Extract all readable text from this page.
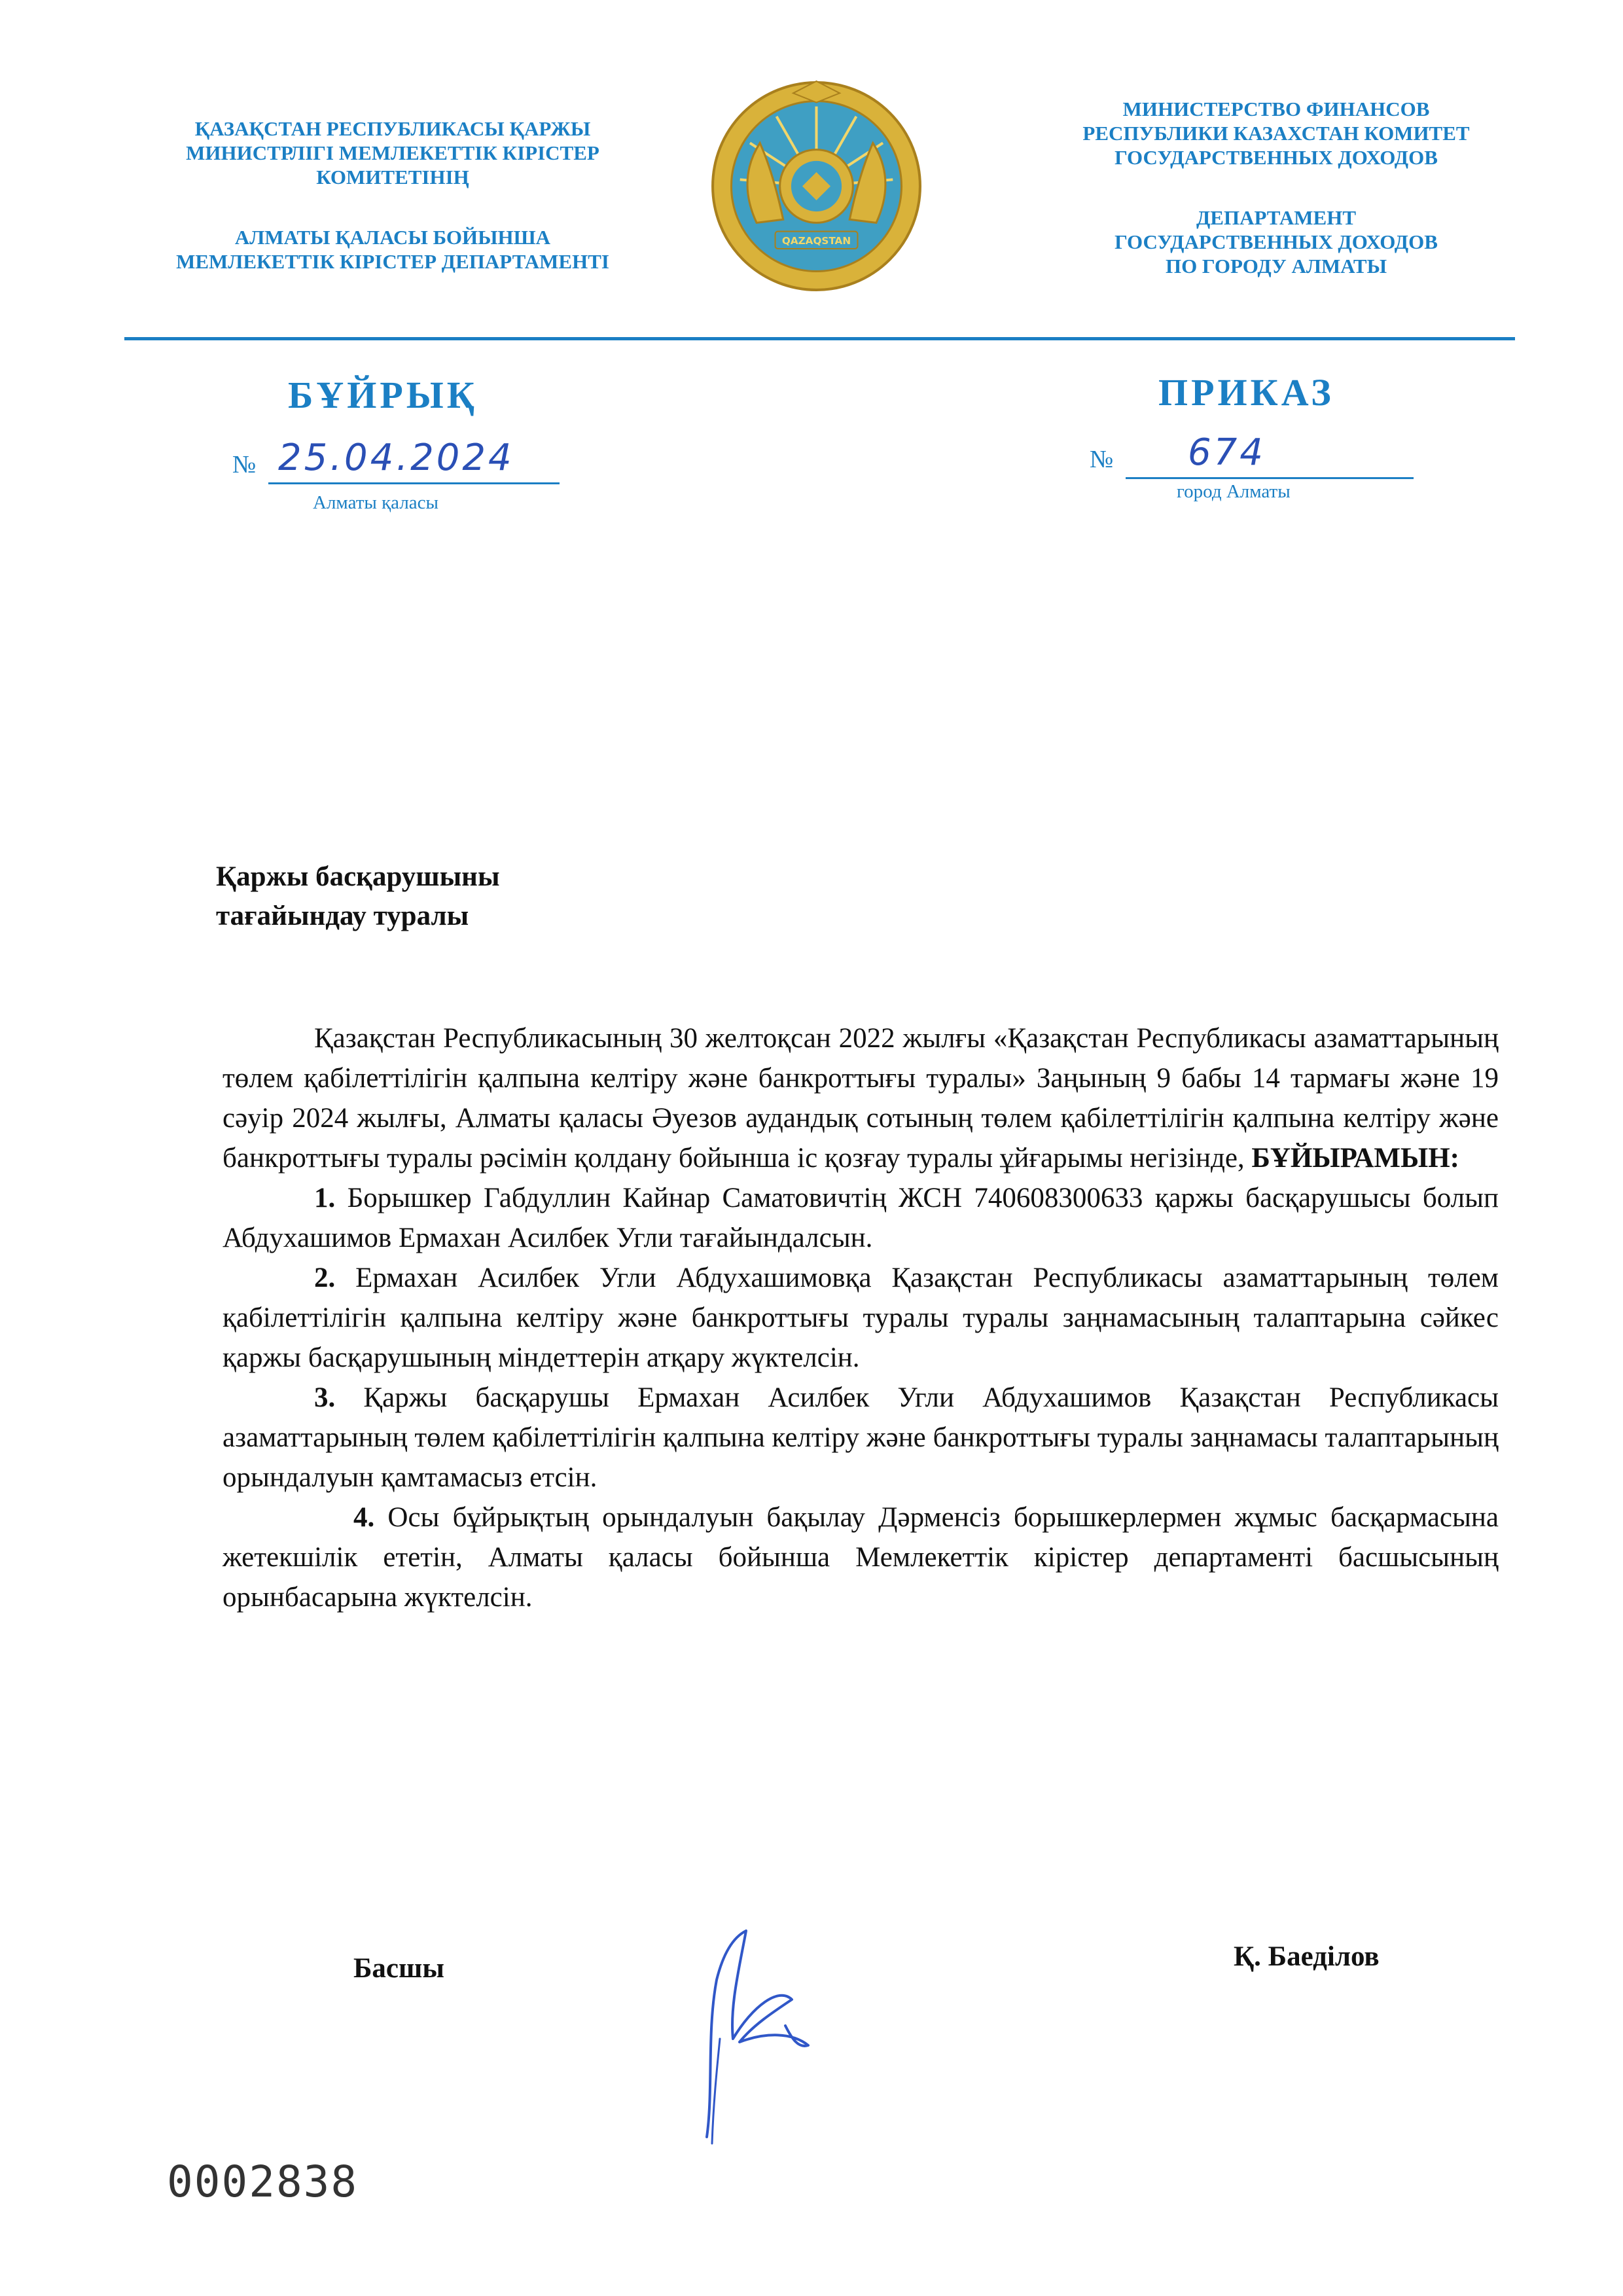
ҚАЗАҚСТАН РЕСПУБЛИКАСЫ ҚАРЖЫ
МИНИСТРЛІГІ МЕМЛЕКЕТТІК КІРІСТЕР
КОМИТЕТІНІҢ
АЛМАТЫ ҚАЛАСЫ БОЙЫНША
МЕМЛЕКЕТТІК КІРІСТЕР ДЕПАРТАМЕНТІ
QAZAQSTAN
МИНИСТЕРСТВО ФИНАНСОВ
РЕСПУБЛИКИ КАЗАХСТАН КОМИТЕТ
ГОСУДАРСТВЕННЫХ ДОХОДОВ
ДЕПАРТАМЕНТ
ГОСУДАРСТВЕННЫХ ДОХОДОВ
ПО ГОРОДУ АЛМАТЫ
БҰЙРЫҚ	ПРИКАЗ
№ 25.04.2024	№ 674
Алматы қаласы
город Алматы
Қаржы басқарушыны
тағайындау туралы

Қазақстан Республикасының 30 желтоқсан 2022 жылғы «Қазақстан Республикасы азаматтарының төлем қабілеттілігін қалпына келтіру және банкроттығы туралы» Заңының 9 бабы 14 тармағы және 19 сәуір 2024 жылғы, Алматы қаласы Әуезов аудандық сотының төлем қабілеттілігін қалпына келтіру және банкроттығы туралы рәсімін қолдану бойынша іс қозғау туралы ұйғарымы негізінде, БҰЙЫРАМЫН:

1. Борышкер Габдуллин Кайнар Саматовичтің ЖСН 740608300633 қаржы басқарушысы болып Абдухашимов Ермахан Асилбек Угли тағайындалсын.

2. Ермахан Асилбек Угли Абдухашимовқа Қазақстан Республикасы азаматтарының төлем қабілеттілігін қалпына келтіру және банкроттығы туралы туралы заңнамасының талаптарына сәйкес қаржы басқарушының міндеттерін атқару жүктелсін.

3. Қаржы басқарушы Ермахан Асилбек Угли Абдухашимов Қазақстан Республикасы азаматтарының төлем қабілеттілігін қалпына келтіру және банкроттығы туралы заңнамасы талаптарының орындалуын қамтамасыз етсін.

4. Осы бұйрықтың орындалуын бақылау Дәрменсіз борышкерлермен жұмыс басқармасына жетекшілік ететін, Алматы қаласы бойынша Мемлекеттік кірістер департаменті басшысының орынбасарына жүктелсін.

Басшы	Қ. Баеділов
0002838
